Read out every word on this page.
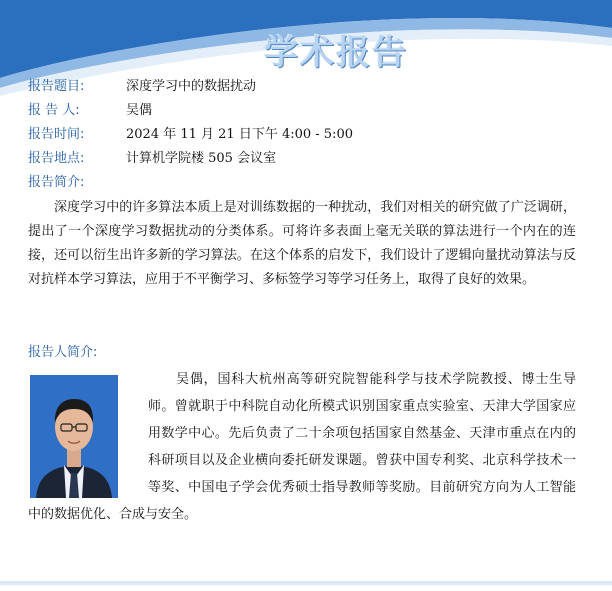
学术报告
报告题目:	深度学习中的数据扰动
报 告 人:	吴偶
报告时间:	2024 年 11 月 21 日下午 4:00 - 5:00
报告地点:	计算机学院楼 505 会议室
报告简介:
深度学习中的许多算法本质上是对训练数据的一种扰动，我们对相关的研究做了广泛调研，提出了一个深度学习数据扰动的分类体系。可将许多表面上毫无关联的算法进行一个内在的连接，还可以衍生出许多新的学习算法。在这个体系的启发下，我们设计了逻辑向量扰动算法与反对抗样本学习算法，应用于不平衡学习、多标签学习等学习任务上，取得了良好的效果。
报告人简介:
吴偶，国科大杭州高等研究院智能科学与技术学院教授、博士生导师。曾就职于中科院自动化所模式识别国家重点实验室、天津大学国家应用数学中心。先后负责了二十余项包括国家自然基金、天津市重点在内的科研项目以及企业横向委托研发课题。曾获中国专利奖、北京科学技术一等奖、中国电子学会优秀硕士指导教师等奖励。目前研究方向为人工智能中的数据优化、合成与安全。
